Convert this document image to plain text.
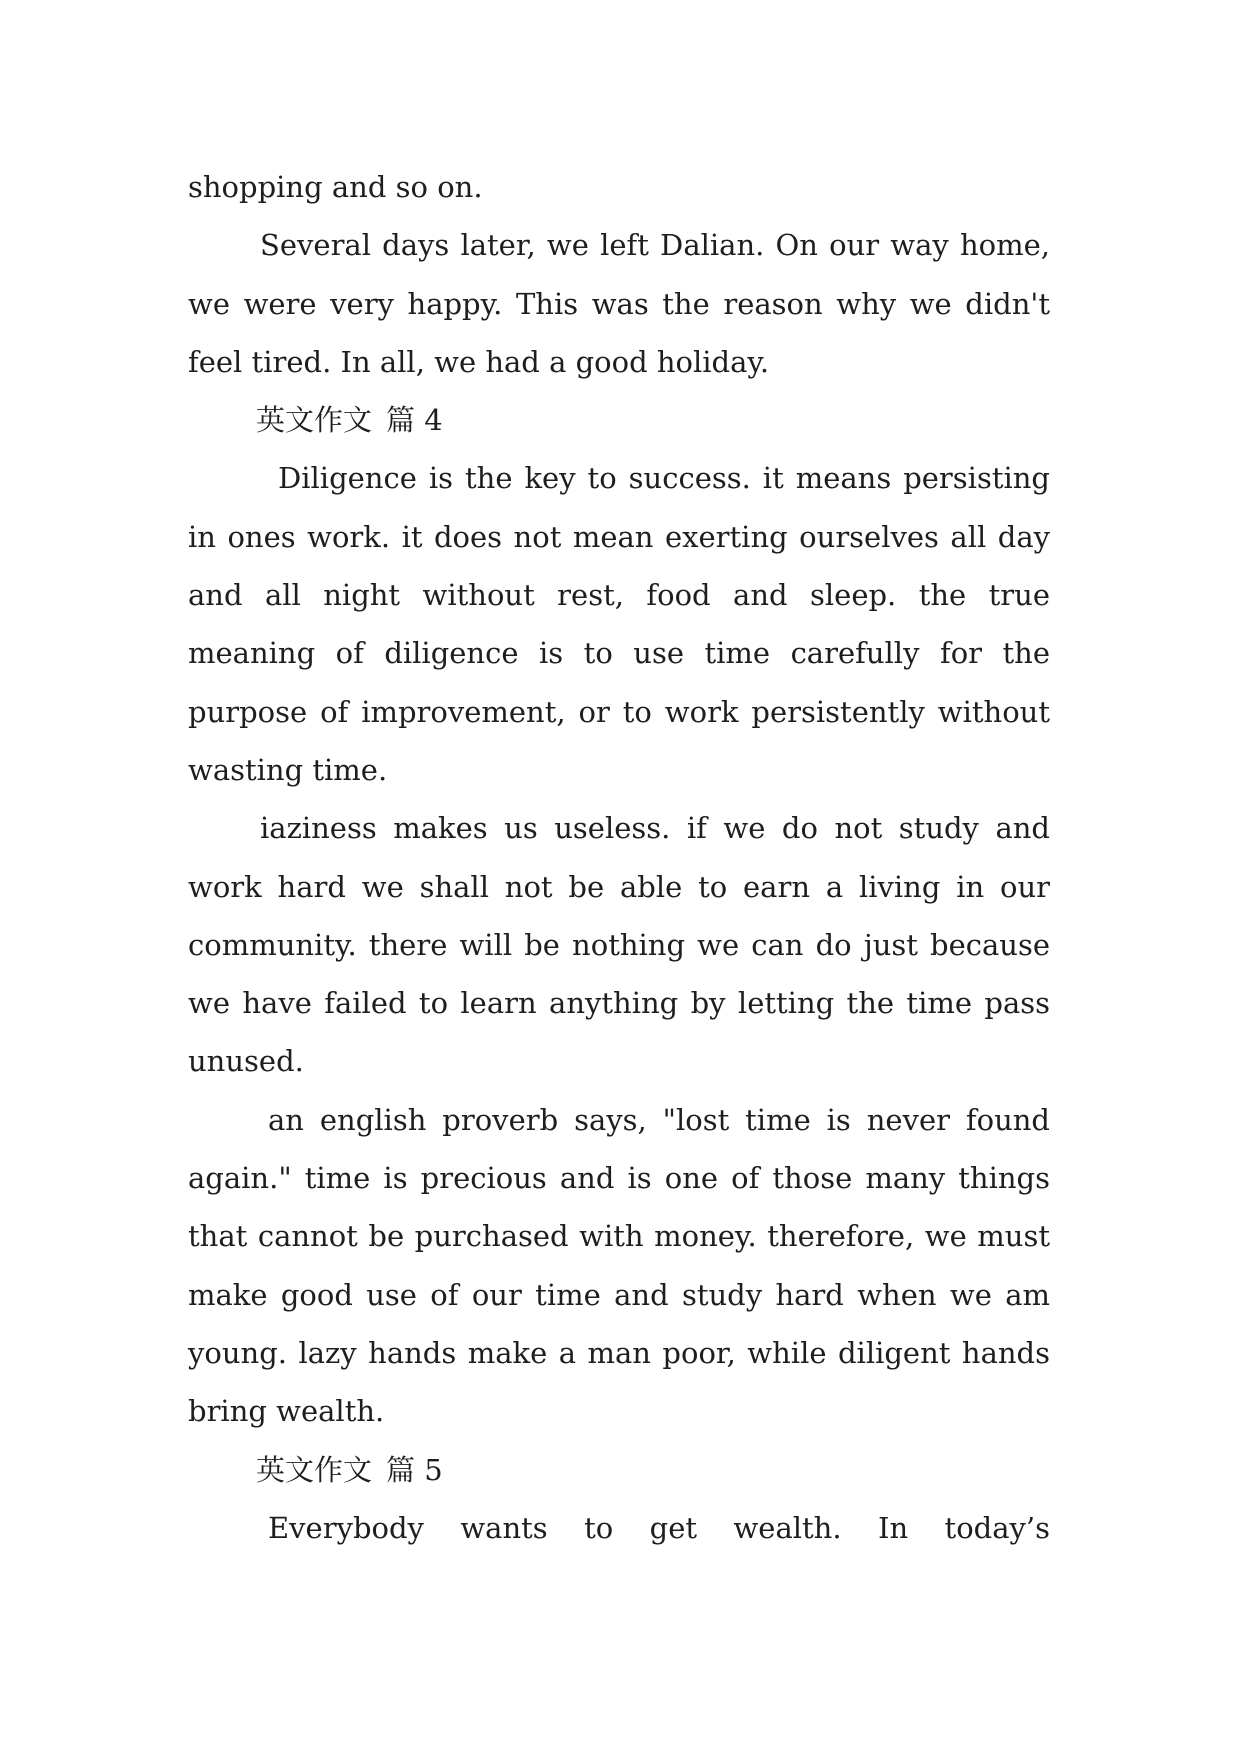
shopping and so on.

Several days later, we left Dalian. On our way home, we were very happy. This was the reason why we didn't feel tired. In all, we had a good holiday.

英文作文 篇 4

Diligence is the key to success. it means persisting in ones work. it does not mean exerting ourselves all day and all night without rest, food and sleep. the true meaning of diligence is to use time carefully for the purpose of improvement, or to work persistently without wasting time.

iaziness makes us useless. if we do not study and work hard we shall not be able to earn a living in our community. there will be nothing we can do just because we have failed to learn anything by letting the time pass unused.

an english proverb says, "lost time is never found again." time is precious and is one of those many things that cannot be purchased with money. therefore, we must make good use of our time and study hard when we am young. lazy hands make a man poor, while diligent hands bring wealth.

英文作文 篇 5

Everybody wants to get wealth. In today’s
